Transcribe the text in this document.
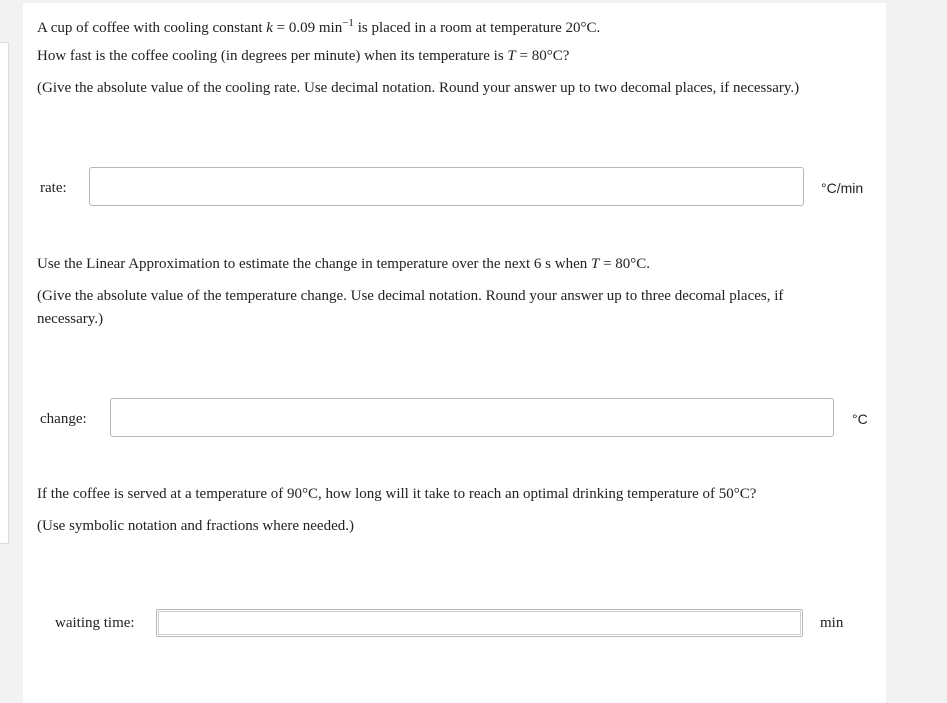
A cup of coffee with cooling constant k = 0.09 $\min^{-1}$ is placed in a room at temperature 20°C.
How fast is the coffee cooling (in degrees per minute) when its temperature is T = 80°C?
(Give the absolute value of the cooling rate. Use decimal notation. Round your answer up to two decomal places, if necessary.)
rate:	°C/min
Use the Linear Approximation to estimate the change in temperature over the next 6 s when T = 80°C.
(Give the absolute value of the temperature change. Use decimal notation. Round your answer up to three decomal places, if necessary.)
change:	°C
If the coffee is served at a temperature of 90°C, how long will it take to reach an optimal drinking temperature of 50°C?
(Use symbolic notation and fractions where needed.)
waiting time:	min
